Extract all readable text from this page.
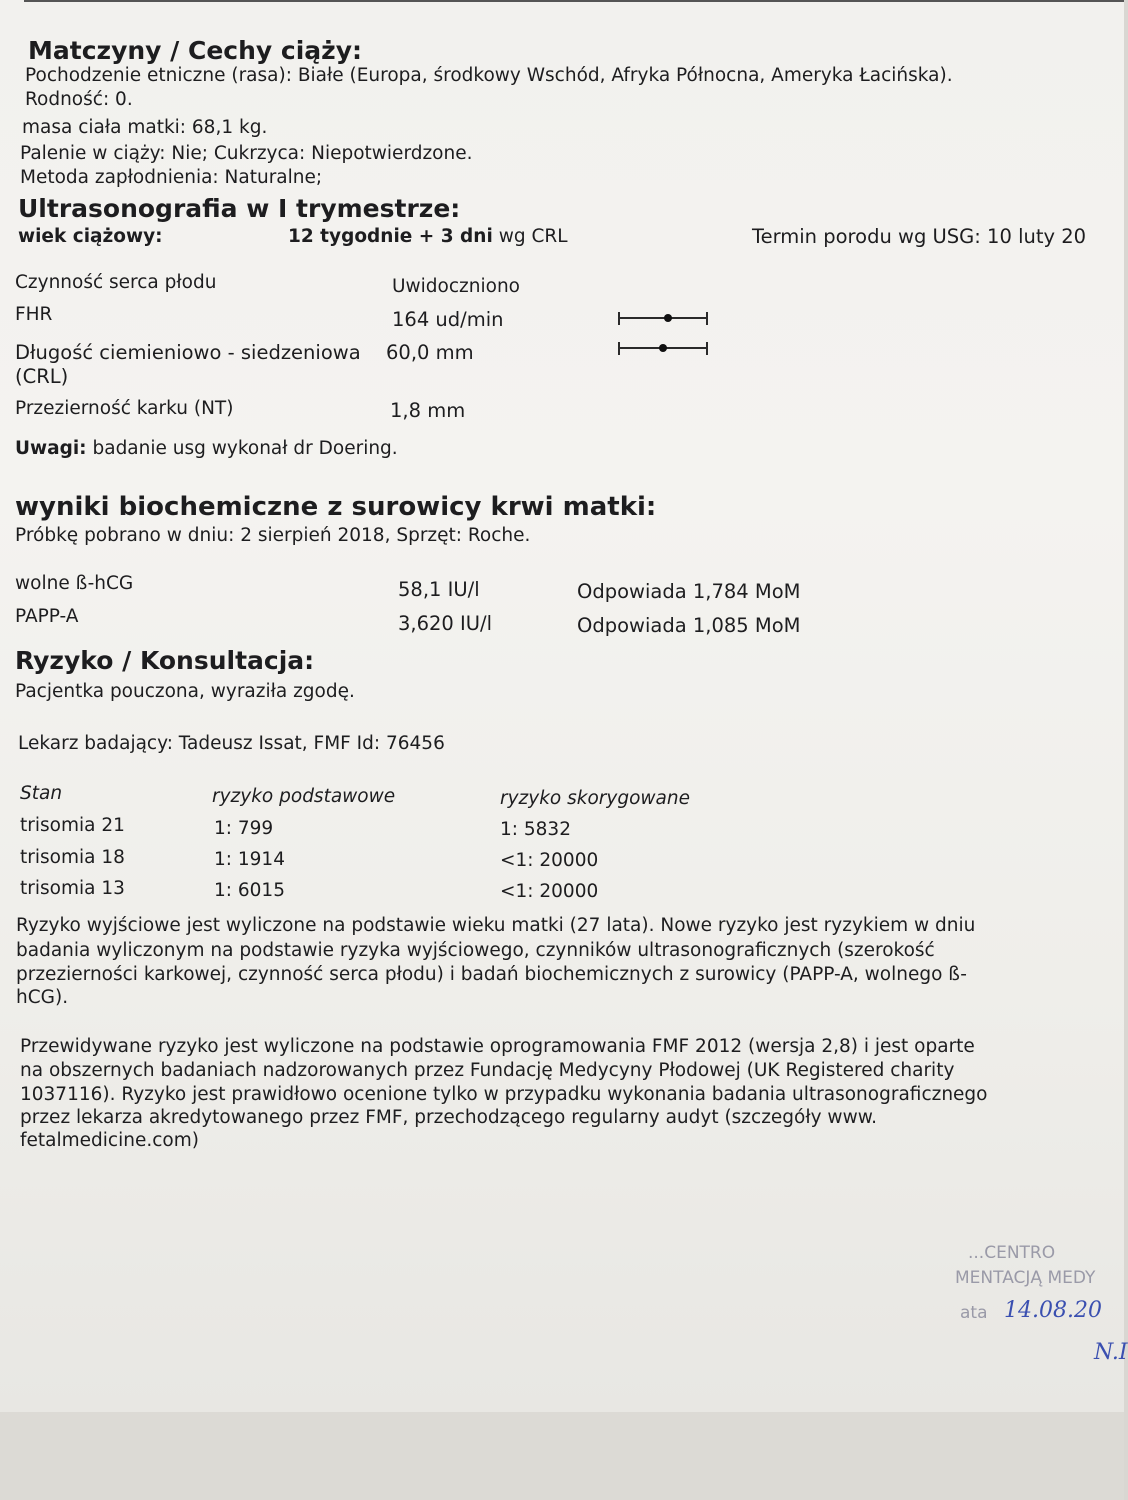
Matczyny / Cechy ciąży:
Pochodzenie etniczne (rasa): Białe (Europa, środkowy Wschód, Afryka Północna, Ameryka Łacińska).
Rodność: 0.
masa ciała matki: 68,1 kg.
Palenie w ciąży: Nie; Cukrzyca: Niepotwierdzone.
Metoda zapłodnienia: Naturalne;
Ultrasonografia w I trymestrze:
wiek ciążowy:	12 tygodnie + 3 dni wg CRL	Termin porodu wg USG: 10 luty 20
Czynność serca płodu	Uwidoczniono
FHR	164 ud/min
Długość ciemieniowo - siedzeniowa 60,0 mm
(CRL)
Przezierność karku (NT)	1,8 mm
Uwagi: badanie usg wykonał dr Doering.
wyniki biochemiczne z surowicy krwi matki:
Próbkę pobrano w dniu: 2 sierpień 2018, Sprzęt: Roche.
wolne ß-hCG	58,1 IU/l	Odpowiada 1,784 MoM
PAPP-A	3,620 IU/l	Odpowiada 1,085 MoM
Ryzyko / Konsultacja:
Pacjentka pouczona, wyraziła zgodę.
Lekarz badający: Tadeusz Issat, FMF Id: 76456
Stan	ryzyko podstawowe	ryzyko skorygowane
trisomia 21	1: 799	1: 5832
trisomia 18	1: 1914	<1: 20000
trisomia 13	1: 6015	<1: 20000
Ryzyko wyjściowe jest wyliczone na podstawie wieku matki (27 lata). Nowe ryzyko jest ryzykiem w dniu
badania wyliczonym na podstawie ryzyka wyjściowego, czynników ultrasonograficznych (szerokość
przezierności karkowej, czynność serca płodu) i badań biochemicznych z surowicy (PAPP-A, wolnego ß-
hCG).
Przewidywane ryzyko jest wyliczone na podstawie oprogramowania FMF 2012 (wersja 2,8) i jest oparte
na obszernych badaniach nadzorowanych przez Fundację Medycyny Płodowej (UK Registered charity
1037116). Ryzyko jest prawidłowo ocenione tylko w przypadku wykonania badania ultrasonograficznego
przez lekarza akredytowanego przez FMF, przechodzącego regularny audyt (szczegóły www.
fetalmedicine.com)
...CENTRO
MENTACJĄ MEDY
ata 14.08.20
N.I
